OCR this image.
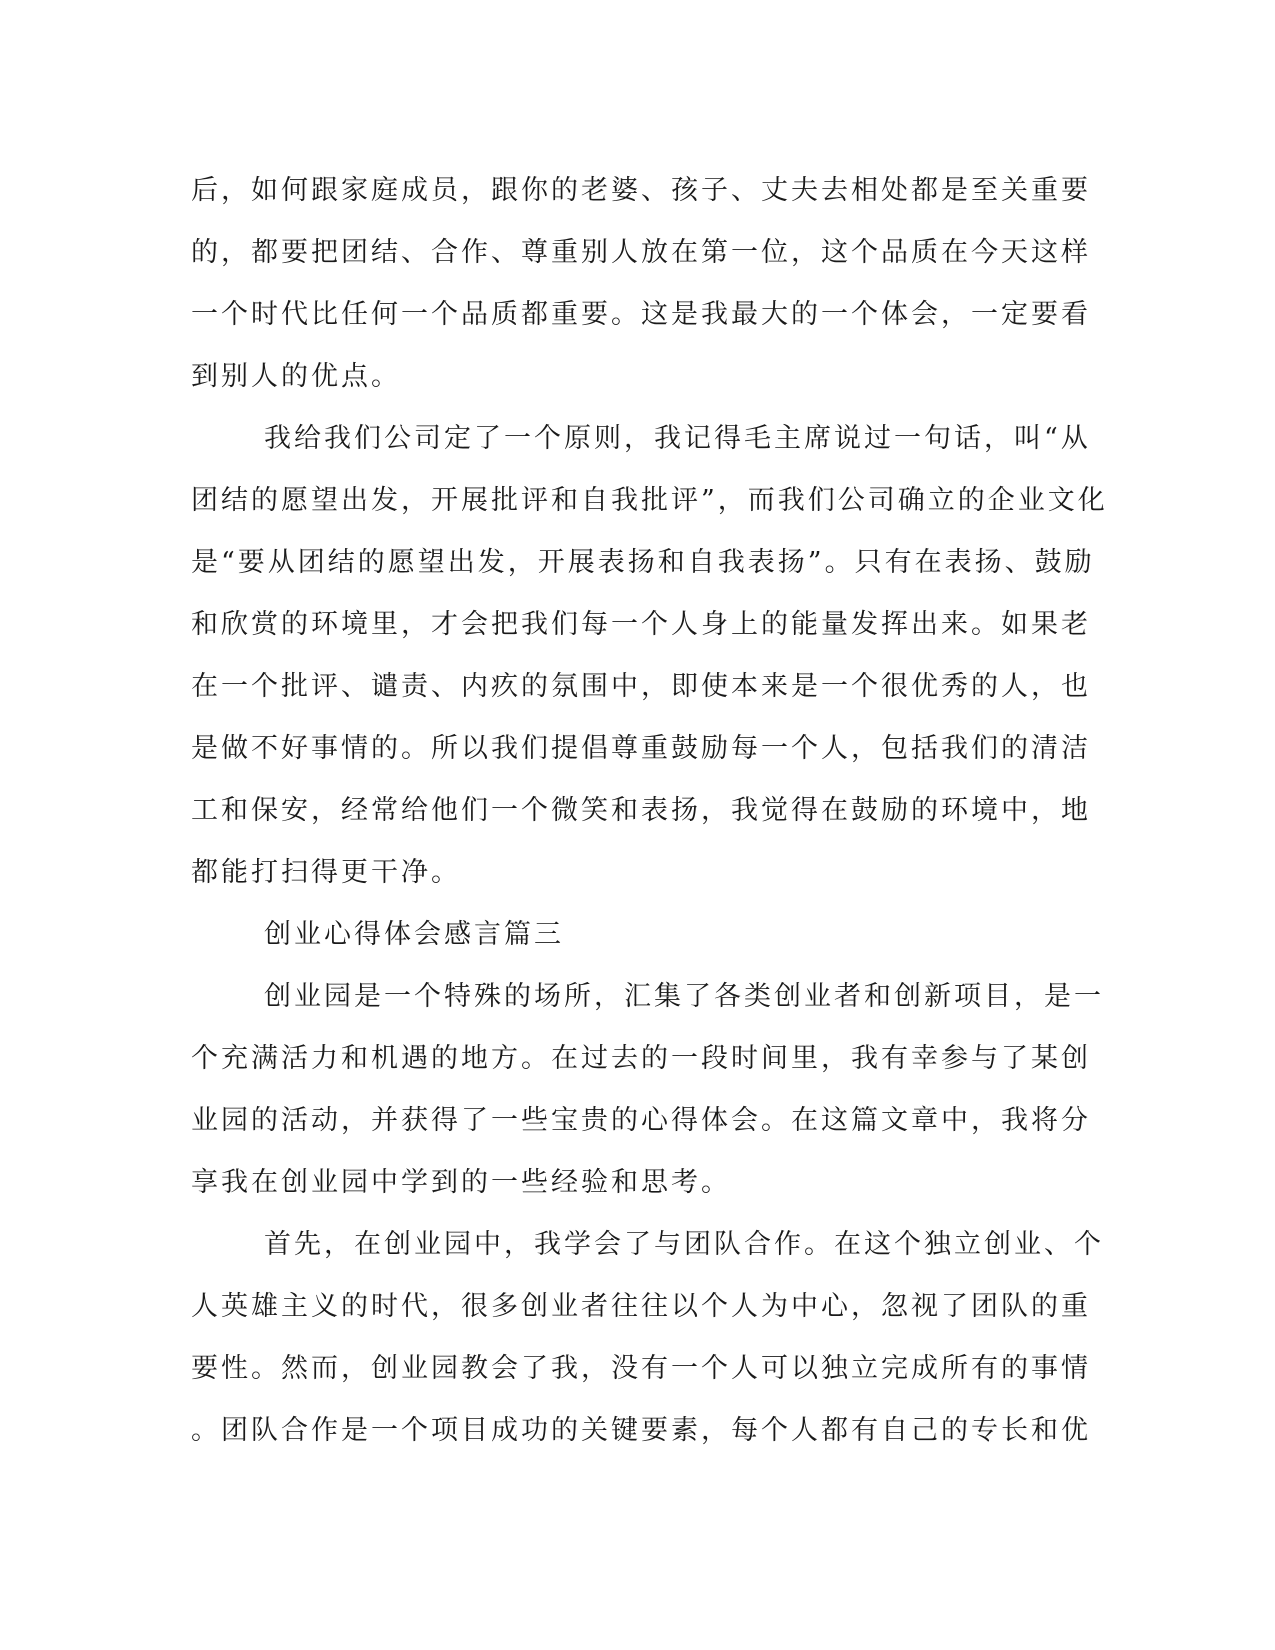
后，如何跟家庭成员，跟你的老婆、孩子、丈夫去相处都是至关重要
的，都要把团结、合作、尊重别人放在第一位，这个品质在今天这样
一个时代比任何一个品质都重要。这是我最大的一个体会，一定要看
到别人的优点。
我给我们公司定了一个原则，我记得毛主席说过一句话，叫“从
团结的愿望出发，开展批评和自我批评”，而我们公司确立的企业文化
是“要从团结的愿望出发，开展表扬和自我表扬”。只有在表扬、鼓励
和欣赏的环境里，才会把我们每一个人身上的能量发挥出来。如果老
在一个批评、谴责、内疚的氛围中，即使本来是一个很优秀的人，也
是做不好事情的。所以我们提倡尊重鼓励每一个人，包括我们的清洁
工和保安，经常给他们一个微笑和表扬，我觉得在鼓励的环境中，地
都能打扫得更干净。
创业心得体会感言篇三
创业园是一个特殊的场所，汇集了各类创业者和创新项目，是一
个充满活力和机遇的地方。在过去的一段时间里，我有幸参与了某创
业园的活动，并获得了一些宝贵的心得体会。在这篇文章中，我将分
享我在创业园中学到的一些经验和思考。
首先，在创业园中，我学会了与团队合作。在这个独立创业、个
人英雄主义的时代，很多创业者往往以个人为中心，忽视了团队的重
要性。然而，创业园教会了我，没有一个人可以独立完成所有的事情
。团队合作是一个项目成功的关键要素，每个人都有自己的专长和优
